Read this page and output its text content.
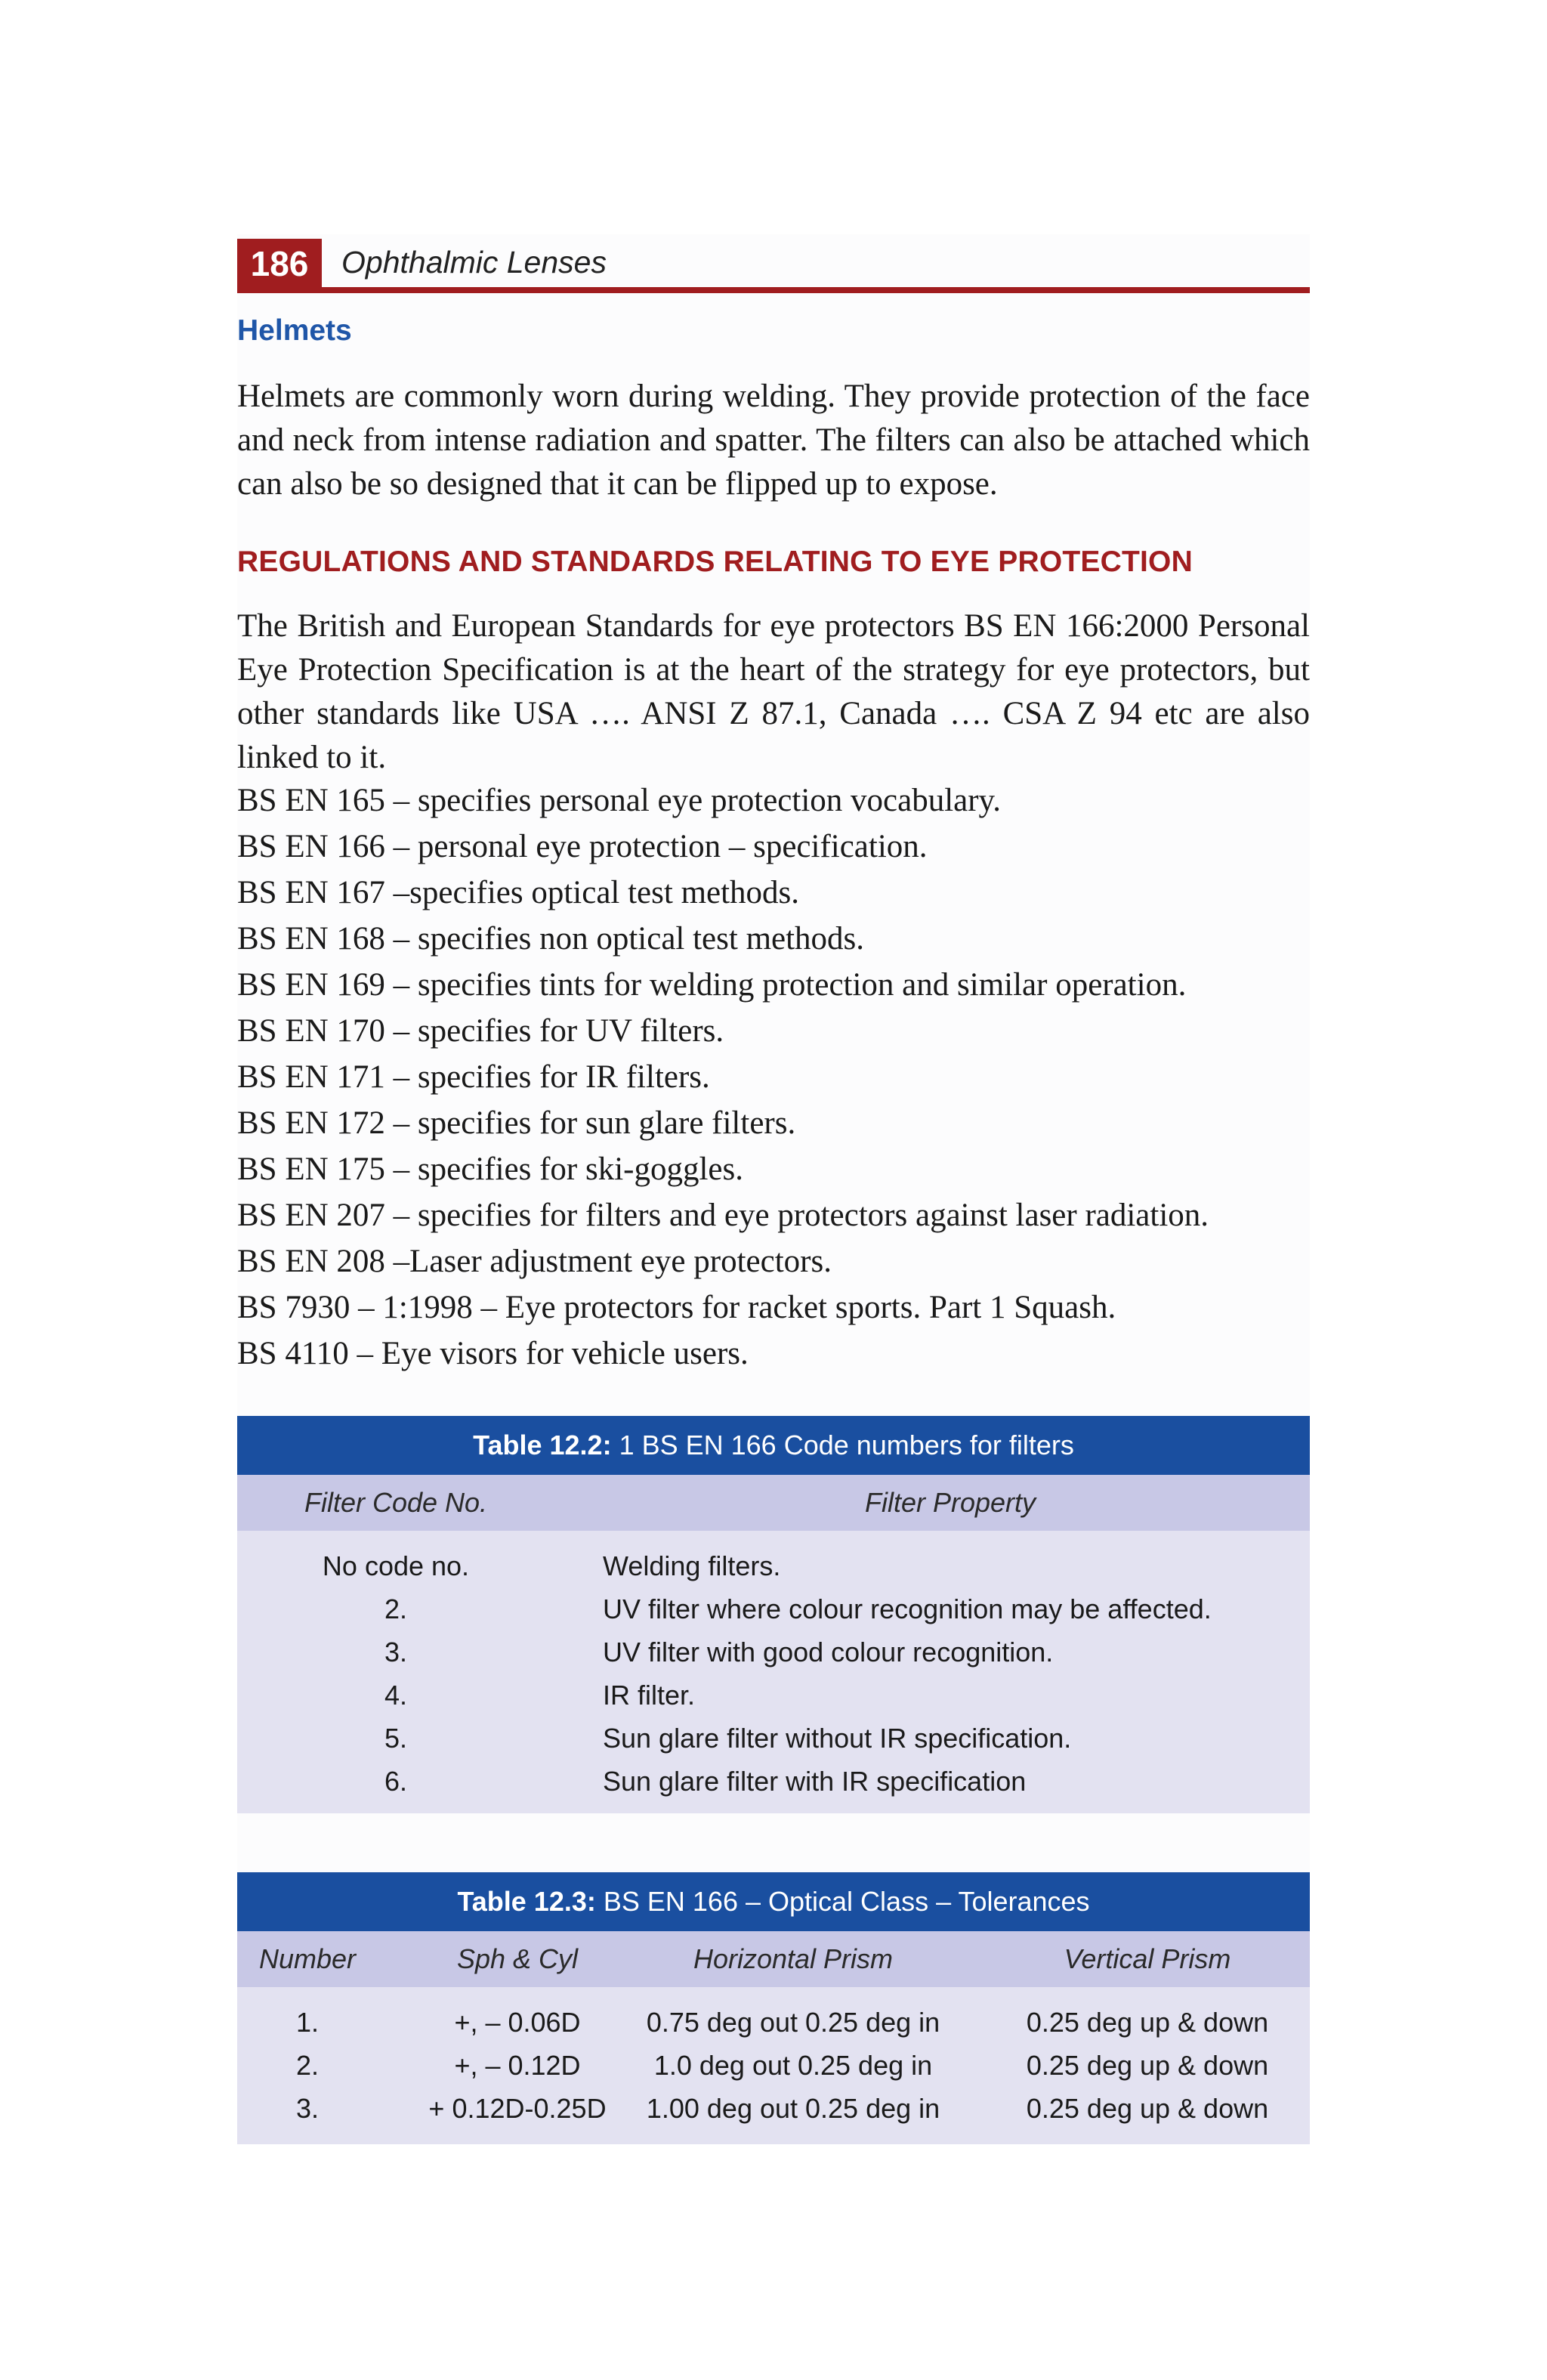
186	Ophthalmic Lenses
Helmets

Helmets are commonly worn during welding. They provide protection of the face and neck from intense radiation and spatter. The filters can also be attached which can also be so designed that it can be flipped up to expose.

REGULATIONS AND STANDARDS RELATING TO EYE PROTECTION

The British and European Standards for eye protectors BS EN 166:2000 Personal Eye Protection Specification is at the heart of the strategy for eye protectors, but other standards like USA …. ANSI Z 87.1, Canada …. CSA Z 94 etc are also linked to it.

BS EN 165 – specifies personal eye protection vocabulary.
BS EN 166 – personal eye protection – specification.
BS EN 167 –specifies optical test methods.
BS EN 168 – specifies non optical test methods.
BS EN 169 – specifies tints for welding protection and similar operation.
BS EN 170 – specifies for UV filters.
BS EN 171 – specifies for IR filters.
BS EN 172 – specifies for sun glare filters.
BS EN 175 – specifies for ski-goggles.
BS EN 207 – specifies for filters and eye protectors against laser radiation.
BS EN 208 –Laser adjustment eye protectors.
BS 7930 – 1:1998 – Eye protectors for racket sports. Part 1 Squash.
BS 4110 – Eye visors for vehicle users.
Table 12.2: 1 BS EN 166 Code numbers for filters
Filter Code No.	Filter Property
No code no.	Welding filters.
2.	UV filter where colour recognition may be affected.
3.	UV filter with good colour recognition.
4.	IR filter.
5.	Sun glare filter without IR specification.
6.	Sun glare filter with IR specification
Table 12.3: BS EN 166 – Optical Class – Tolerances
Number	Sph & Cyl	Horizontal Prism	Vertical Prism
1.	+, – 0.06D	0.75 deg out 0.25 deg in	0.25 deg up & down
2.	+, – 0.12D	1.0 deg out 0.25 deg in	0.25 deg up & down
3.	+ 0.12D-0.25D	1.00 deg out 0.25 deg in	0.25 deg up & down
